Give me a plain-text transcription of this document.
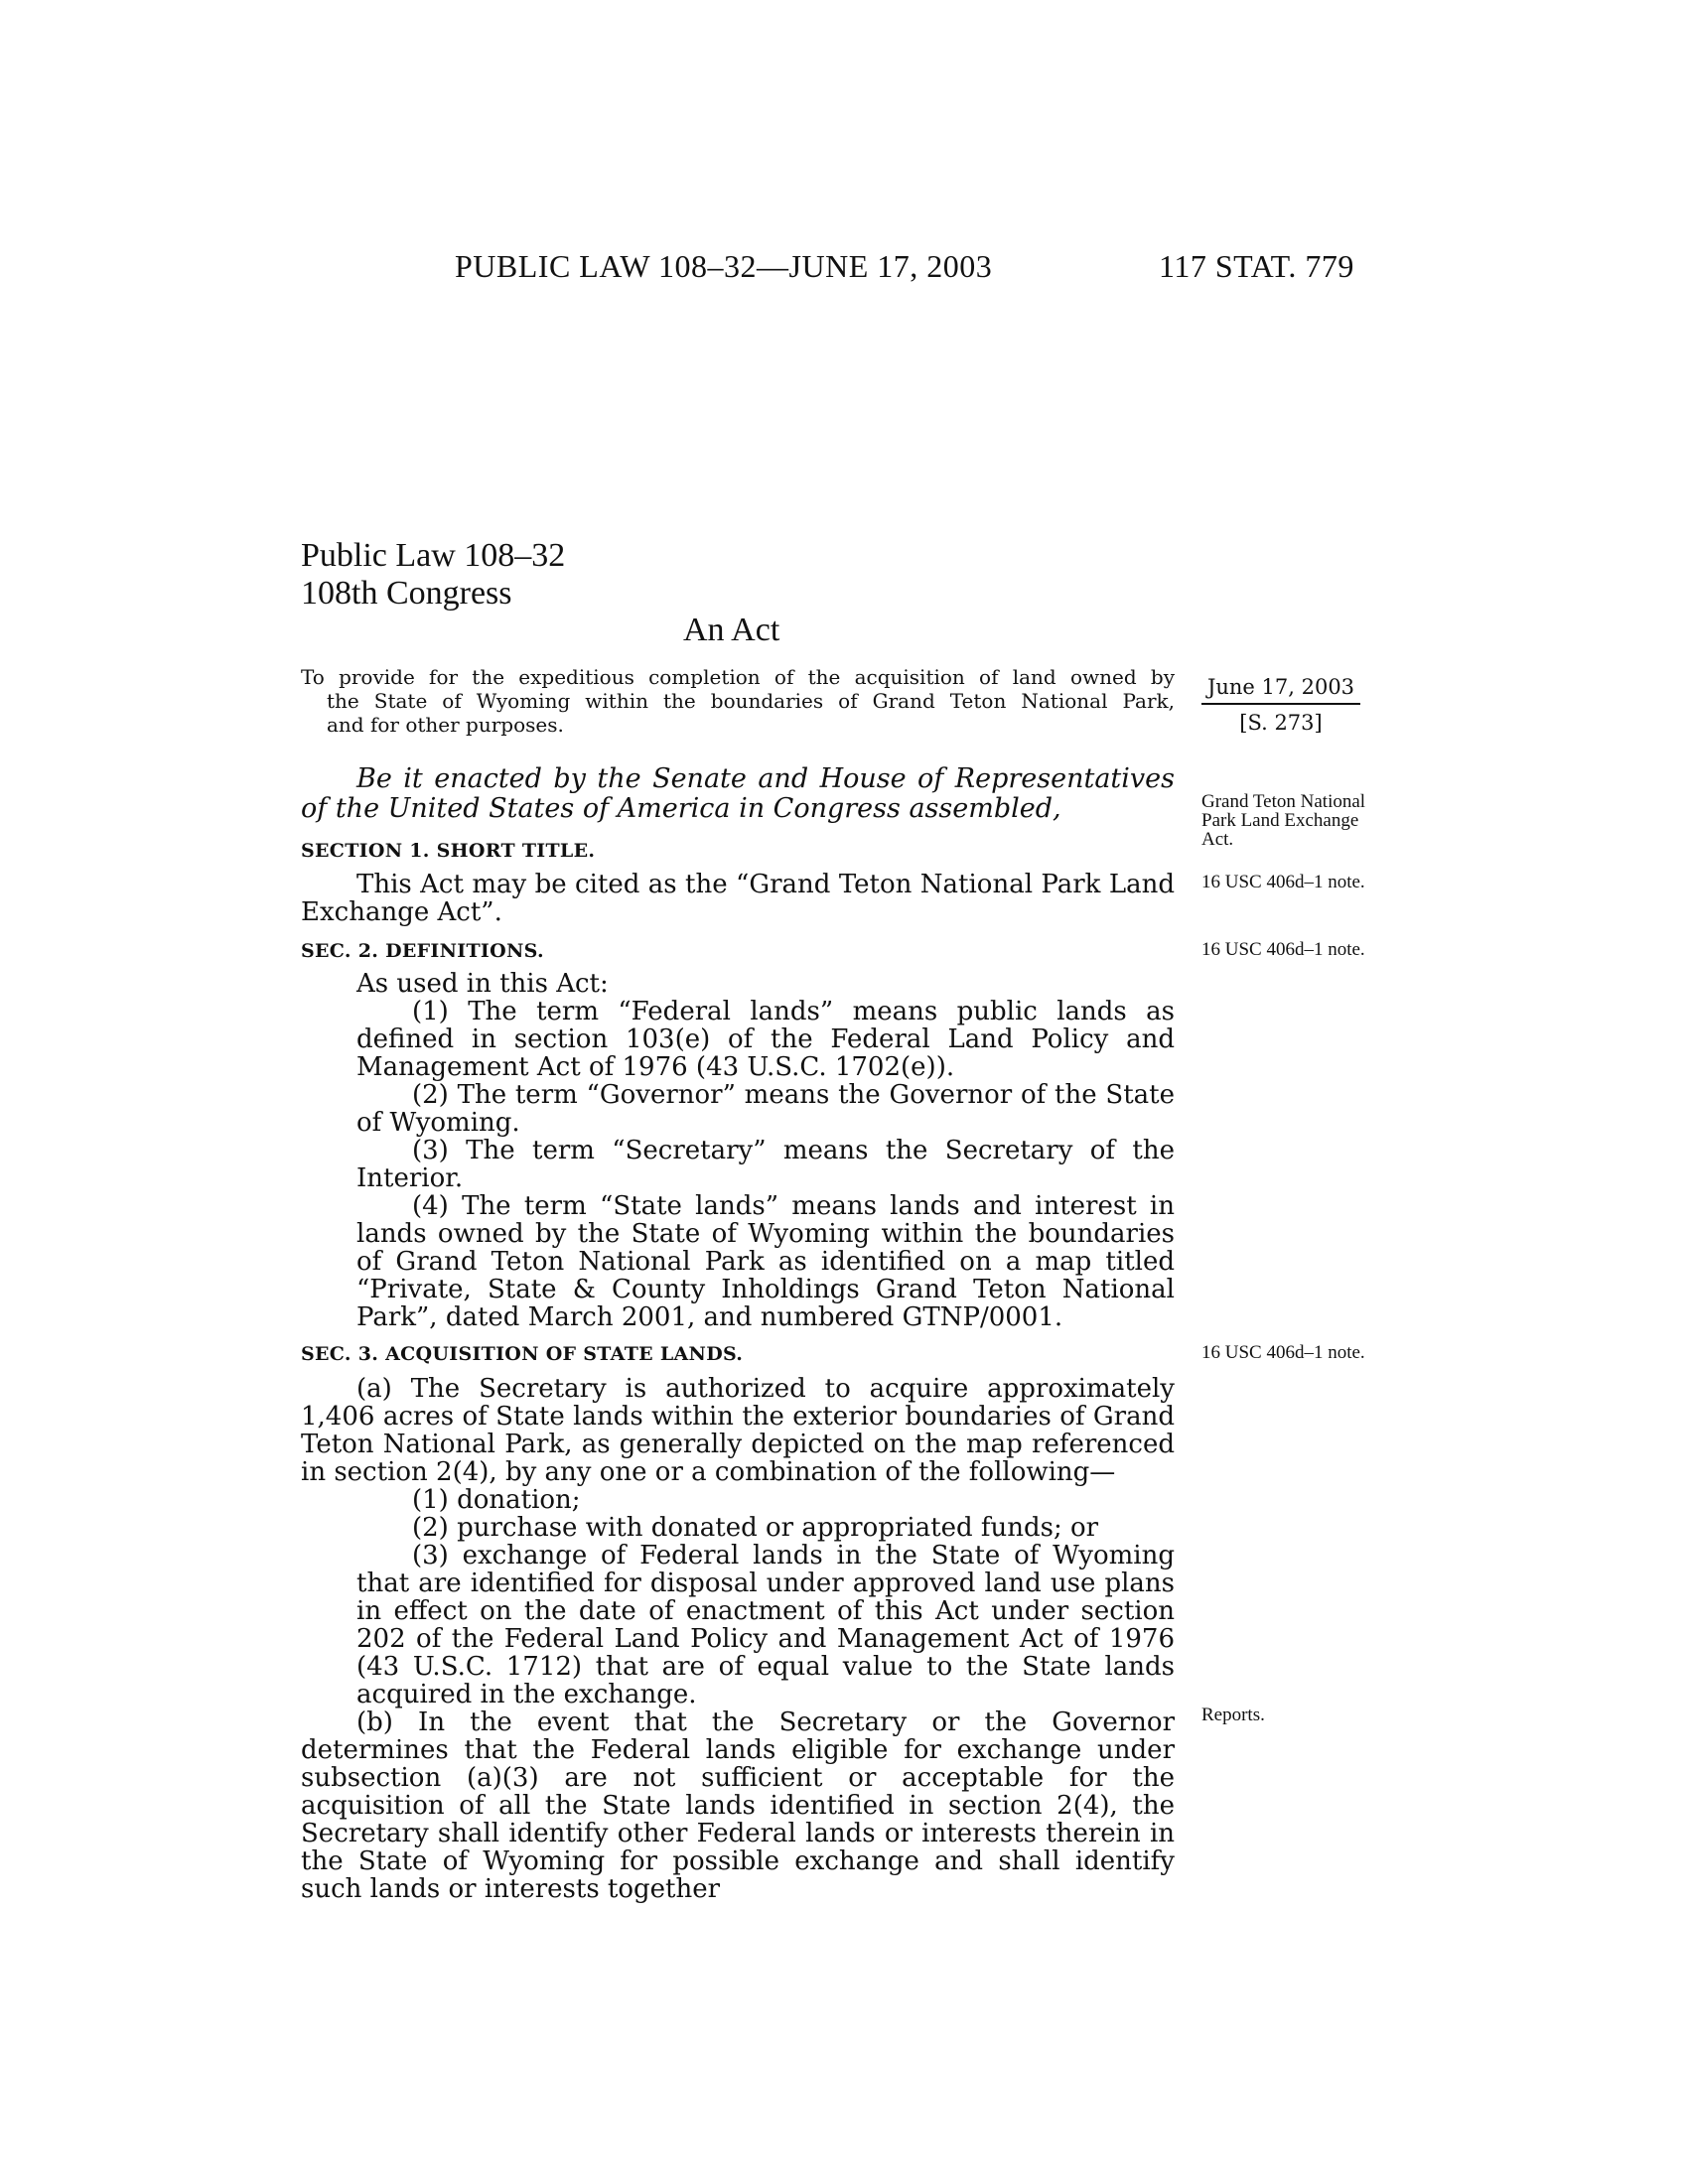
PUBLIC LAW 108–32—JUNE 17, 2003	117 STAT. 779
Public Law 108–32
108th Congress
An Act
To provide for the expeditious completion of the acquisition of land owned by
the State of Wyoming within the boundaries of Grand Teton National Park,
and for other purposes.
June 17, 2003
[S. 273]
Be it enacted by the Senate and House of Representatives of the United States of America in Congress assembled,
SECTION 1. SHORT TITLE.
This Act may be cited as the “Grand Teton National Park Land Exchange Act”.
Grand Teton National Park Land Exchange Act.
16 USC 406d–1 note.
SEC. 2. DEFINITIONS.	16 USC 406d–1 note.

As used in this Act:

(1) The term “Federal lands” means public lands as defined in section 103(e) of the Federal Land Policy and Management Act of 1976 (43 U.S.C. 1702(e)).

(2) The term “Governor” means the Governor of the State of Wyoming.

(3) The term “Secretary” means the Secretary of the Interior.

(4) The term “State lands” means lands and interest in lands owned by the State of Wyoming within the boundaries of Grand Teton National Park as identified on a map titled “Private, State & County Inholdings Grand Teton National Park”, dated March 2001, and numbered GTNP/0001.

SEC. 3. ACQUISITION OF STATE LANDS.	16 USC 406d–1 note.

(a) The Secretary is authorized to acquire approximately 1,406 acres of State lands within the exterior boundaries of Grand Teton National Park, as generally depicted on the map referenced in section 2(4), by any one or a combination of the following—

(1) donation;

(2) purchase with donated or appropriated funds; or

(3) exchange of Federal lands in the State of Wyoming that are identified for disposal under approved land use plans in effect on the date of enactment of this Act under section 202 of the Federal Land Policy and Management Act of 1976 (43 U.S.C. 1712) that are of equal value to the State lands acquired in the exchange.

(b) In the event that the Secretary or the Governor determines that the Federal lands eligible for exchange under subsection (a)(3) are not sufficient or acceptable for the acquisition of all the State lands identified in section 2(4), the Secretary shall identify other Federal lands or interests therein in the State of Wyoming for possible exchange and shall identify such lands or interests together

Reports.
